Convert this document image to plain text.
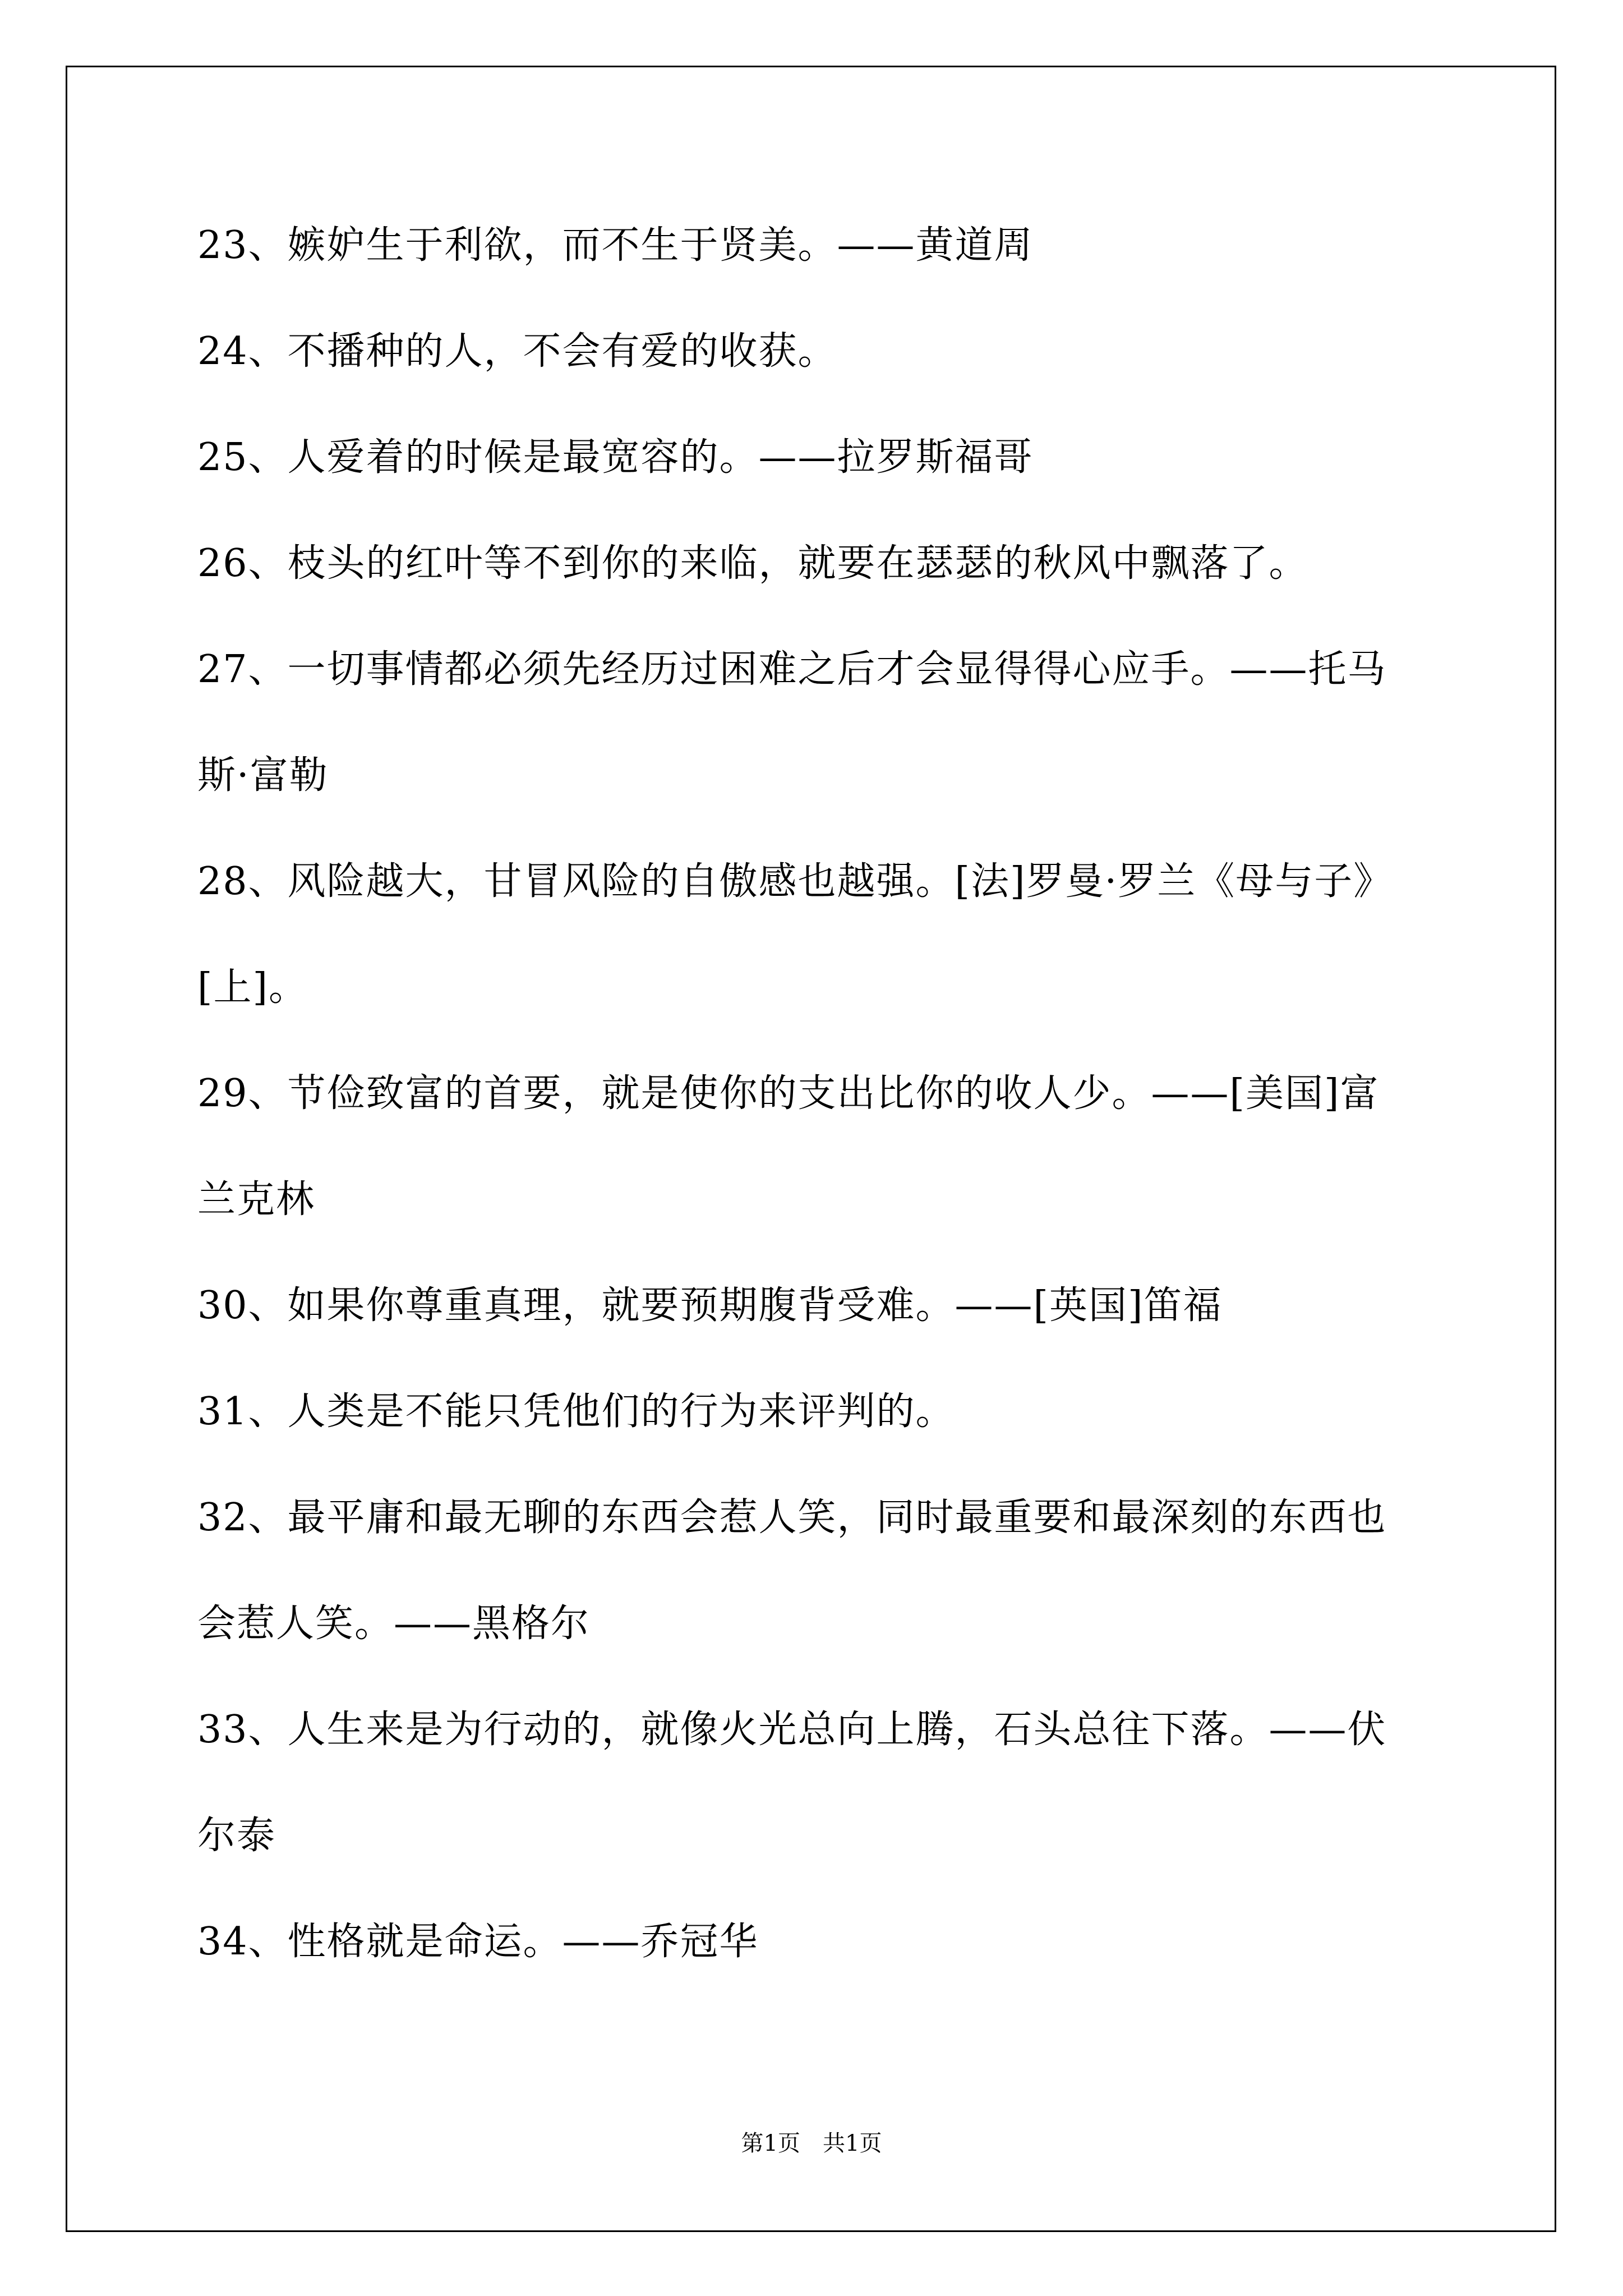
23、嫉妒生于利欲，而不生于贤美。——黄道周
24、不播种的人，不会有爱的收获。
25、人爱着的时候是最宽容的。——拉罗斯福哥
26、枝头的红叶等不到你的来临，就要在瑟瑟的秋风中飘落了。
27、一切事情都必须先经历过困难之后才会显得得心应手。——托马
斯·富勒
28、风险越大，甘冒风险的自傲感也越强。[法]罗曼·罗兰《母与子》
[上]。
29、节俭致富的首要，就是使你的支出比你的收人少。——[美国]富
兰克林
30、如果你尊重真理，就要预期腹背受难。——[英国]笛福
31、人类是不能只凭他们的行为来评判的。
32、最平庸和最无聊的东西会惹人笑，同时最重要和最深刻的东西也
会惹人笑。——黑格尔
33、人生来是为行动的，就像火光总向上腾，石头总往下落。——伏
尔泰
34、性格就是命运。——乔冠华
第1页　共1页
